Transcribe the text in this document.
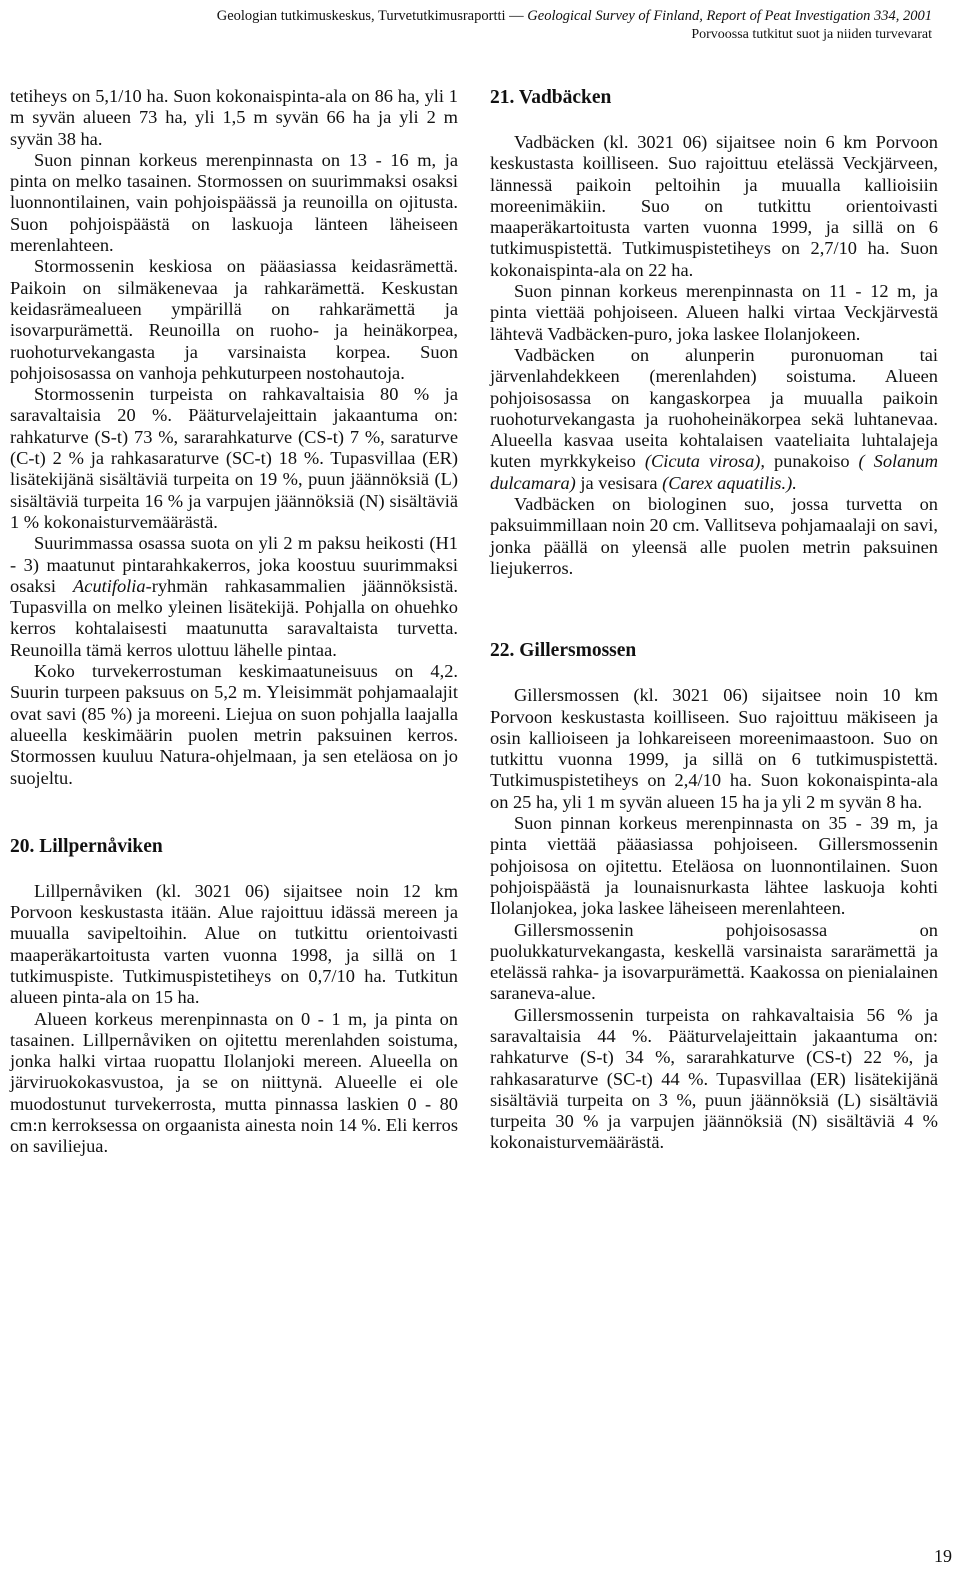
Geologian tutkimuskeskus, Turvetutkimusraportti — Geological Survey of Finland, Report of Peat Investigation 334, 2001
Porvoossa tutkitut suot ja niiden turvevarat

tetiheys on 5,1/10 ha. Suon kokonaispinta-ala on 86 ha, yli 1 m syvän alueen 73 ha, yli 1,5 m syvän 66 ha ja yli 2 m syvän 38 ha.

Suon pinnan korkeus merenpinnasta on 13 - 16 m, ja pinta on melko tasainen. Stormossen on suurimmaksi osaksi luonnontilainen, vain pohjoispäässä ja reunoilla on ojitusta. Suon pohjoispäästä on laskuoja länteen läheiseen merenlahteen.

Stormossenin keskiosa on pääasiassa keidasrämettä. Paikoin on silmäkenevaa ja rahkarämettä. Keskustan keidasrämealueen ympärillä on rahkarämettä ja isovarpurämettä. Reunoilla on ruoho- ja heinäkorpea, ruohoturvekangasta ja varsinaista korpea. Suon pohjoisosassa on vanhoja pehkuturpeen nostohautoja.

Stormossenin turpeista on rahkavaltaisia 80 % ja saravaltaisia 20 %. Pääturvelajeittain jakaantuma on: rahkaturve (S-t) 73 %, sararahkaturve (CS-t) 7 %, saraturve (C-t) 2 % ja rahkasaraturve (SC-t) 18 %. Tupasvillaa (ER) lisätekijänä sisältäviä turpeita on 19 %, puun jäännöksiä (L) sisältäviä turpeita 16 % ja varpujen jäännöksiä (N) sisältäviä 1 % kokonaisturvemäärästä.

Suurimmassa osassa suota on yli 2 m paksu heikosti (H1 - 3) maatunut pintarahkakerros, joka koostuu suurimmaksi osaksi Acutifolia-ryhmän rahkasammalien jäännöksistä. Tupasvilla on melko yleinen lisätekijä. Pohjalla on ohuehko kerros kohtalaisesti maatunutta saravaltaista turvetta. Reunoilla tämä kerros ulottuu lähelle pintaa.

Koko turvekerrostuman keskimaatuneisuus on 4,2. Suurin turpeen paksuus on 5,2 m. Yleisimmät pohjamaalajit ovat savi (85 %) ja moreeni. Liejua on suon pohjalla laajalla alueella keskimäärin puolen metrin paksuinen kerros. Stormossen kuuluu Natura-ohjelmaan, ja sen eteläosa on jo suojeltu.

20. Lillpernåviken

Lillpernåviken (kl. 3021 06) sijaitsee noin 12 km Porvoon keskustasta itään. Alue rajoittuu idässä mereen ja muualla savipeltoihin. Alue on tutkittu orientoivasti maaperäkartoitusta varten vuonna 1998, ja sillä on 1 tutkimuspiste. Tutkimuspistetiheys on 0,7/10 ha. Tutkitun alueen pinta-ala on 15 ha.

Alueen korkeus merenpinnasta on 0 - 1 m, ja pinta on tasainen. Lillpernåviken on ojitettu merenlahden soistuma, jonka halki virtaa ruopattu Ilolanjoki mereen. Alueella on järviruokokasvustoa, ja se on niittynä. Alueelle ei ole muodostunut turvekerrosta, mutta pinnassa laskien 0 - 80 cm:n kerroksessa on orgaanista ainesta noin 14 %. Eli kerros on saviliejua.

21. Vadbäcken

Vadbäcken (kl. 3021 06) sijaitsee noin 6 km Porvoon keskustasta koilliseen. Suo rajoittuu etelässä Veckjärveen, lännessä paikoin peltoihin ja muualla kallioisiin moreenimäkiin. Suo on tutkittu orientoivasti maaperäkartoitusta varten vuonna 1999, ja sillä on 6 tutkimuspistettä. Tutkimuspistetiheys on 2,7/10 ha. Suon kokonaispinta-ala on 22 ha.

Suon pinnan korkeus merenpinnasta on 11 - 12 m, ja pinta viettää pohjoiseen. Alueen halki virtaa Veckjärvestä lähtevä Vadbäcken-puro, joka laskee Ilolanjokeen.

Vadbäcken on alunperin puronuoman tai järvenlahdekkeen (merenlahden) soistuma. Alueen pohjoisosassa on kangaskorpea ja muualla paikoin ruohoturvekangasta ja ruohoheinäkorpea sekä luhtanevaa. Alueella kasvaa useita kohtalaisen vaateliaita luhtalajeja kuten myrkkykeiso (Cicuta virosa), punakoiso ( Solanum dulcamara) ja vesisara (Carex aquatilis.).

Vadbäcken on biologinen suo, jossa turvetta on paksuimmillaan noin 20 cm. Vallitseva pohjamaalaji on savi, jonka päällä on yleensä alle puolen metrin paksuinen liejukerros.

22. Gillersmossen

Gillersmossen (kl. 3021 06) sijaitsee noin 10 km Porvoon keskustasta koilliseen. Suo rajoittuu mäkiseen ja osin kallioiseen ja lohkareiseen moreenimaastoon. Suo on tutkittu vuonna 1999, ja sillä on 6 tutkimuspistettä. Tutkimuspistetiheys on 2,4/10 ha. Suon kokonaispinta-ala on 25 ha, yli 1 m syvän alueen 15 ha ja yli 2 m syvän 8 ha.

Suon pinnan korkeus merenpinnasta on 35 - 39 m, ja pinta viettää pääasiassa pohjoiseen. Gillersmossenin pohjoisosa on ojitettu. Eteläosa on luonnontilainen. Suon pohjoispäästä ja lounaisnurkasta lähtee laskuoja kohti Ilolanjokea, joka laskee läheiseen merenlahteen.

Gillersmossenin pohjoisosassa on puolukkaturvekangasta, keskellä varsinaista sararämettä ja etelässä rahka- ja isovarpurämettä. Kaakossa on pienialainen saraneva-alue.

Gillersmossenin turpeista on rahkavaltaisia 56 % ja saravaltaisia 44 %. Pääturvelajeittain jakaantuma on: rahkaturve (S-t) 34 %, sararahkaturve (CS-t) 22 %, ja rahkasaraturve (SC-t) 44 %. Tupasvillaa (ER) lisätekijänä sisältäviä turpeita on 3 %, puun jäännöksiä (L) sisältäviä turpeita 30 % ja varpujen jäännöksiä (N) sisältäviä 4 % kokonaisturvemäärästä.

19
